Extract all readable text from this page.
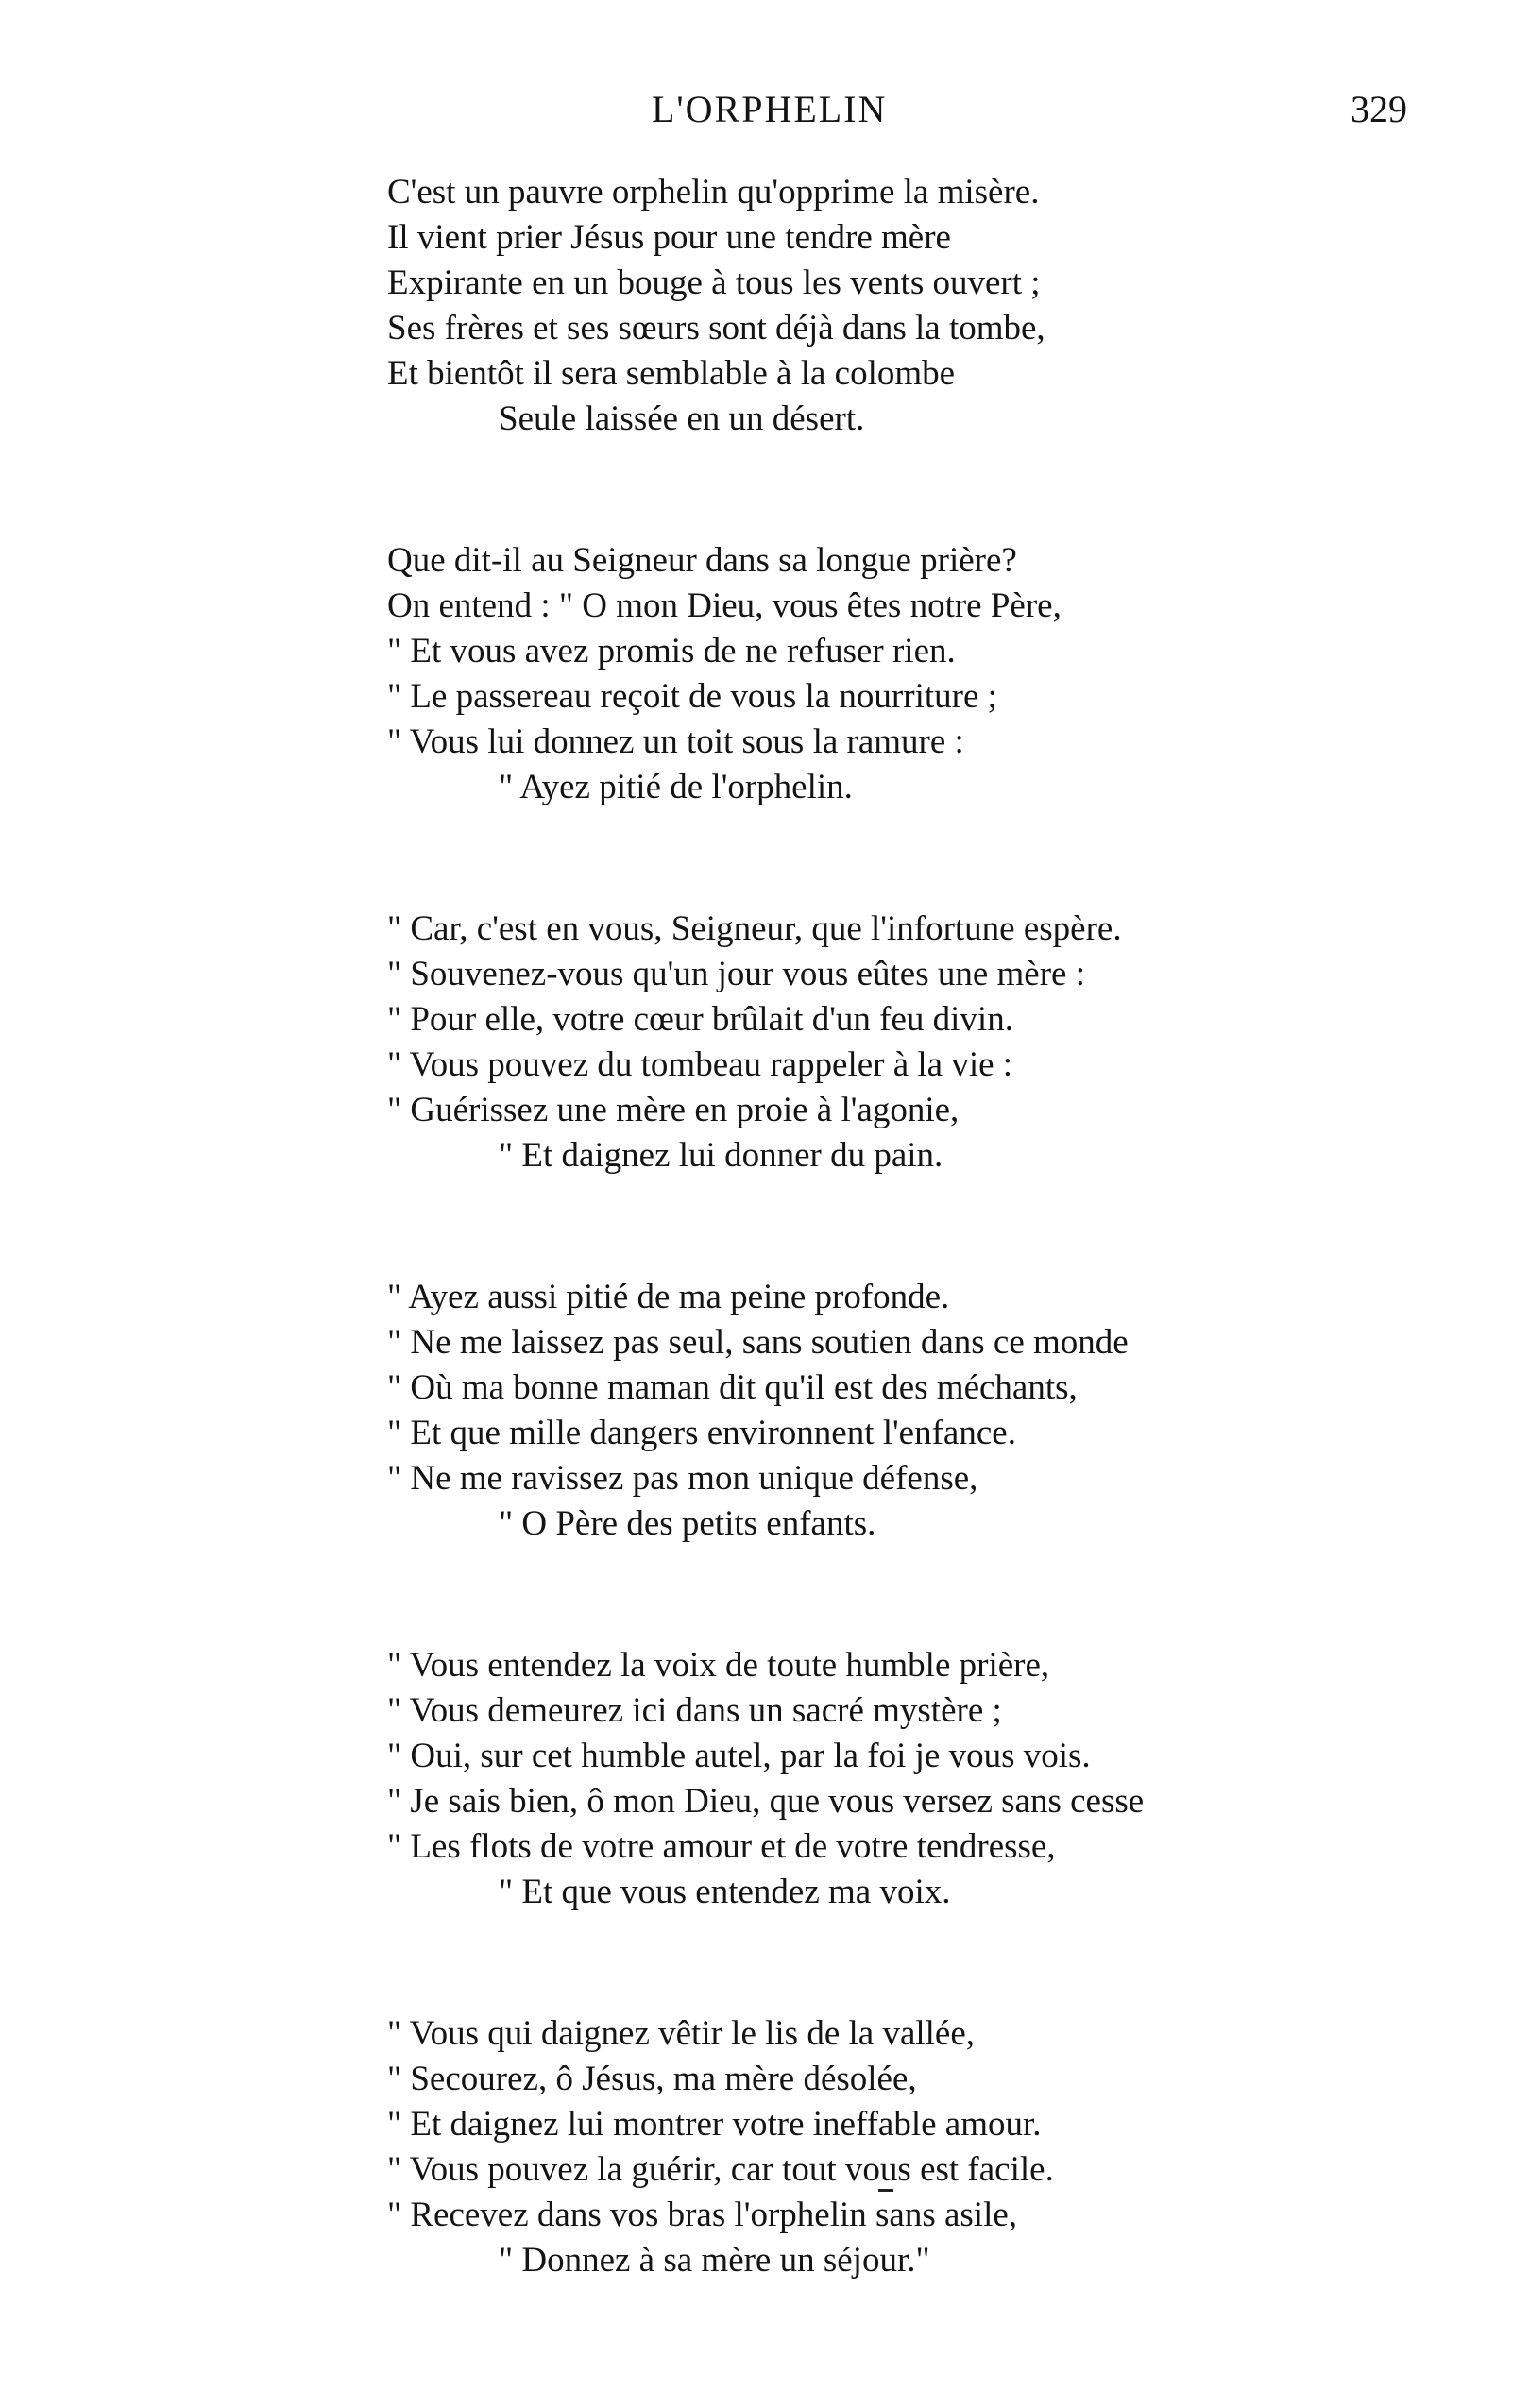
L'ORPHELIN	329
C'est un pauvre orphelin qu'opprime la misère.
Il vient prier Jésus pour une tendre mère
Expirante en un bouge à tous les vents ouvert ;
Ses frères et ses sœurs sont déjà dans la tombe,
Et bientôt il sera semblable à la colombe
Seule laissée en un désert.
Que dit-il au Seigneur dans sa longue prière?
On entend : " O mon Dieu, vous êtes notre Père,
" Et vous avez promis de ne refuser rien.
" Le passereau reçoit de vous la nourriture ;
" Vous lui donnez un toit sous la ramure :
" Ayez pitié de l'orphelin.
" Car, c'est en vous, Seigneur, que l'infortune espère.
" Souvenez-vous qu'un jour vous eûtes une mère :
" Pour elle, votre cœur brûlait d'un feu divin.
" Vous pouvez du tombeau rappeler à la vie :
" Guérissez une mère en proie à l'agonie,
" Et daignez lui donner du pain.
" Ayez aussi pitié de ma peine profonde.
" Ne me laissez pas seul, sans soutien dans ce monde
" Où ma bonne maman dit qu'il est des méchants,
" Et que mille dangers environnent l'enfance.
" Ne me ravissez pas mon unique défense,
" O Père des petits enfants.
" Vous entendez la voix de toute humble prière,
" Vous demeurez ici dans un sacré mystère ;
" Oui, sur cet humble autel, par la foi je vous vois.
" Je sais bien, ô mon Dieu, que vous versez sans cesse
" Les flots de votre amour et de votre tendresse,
" Et que vous entendez ma voix.
" Vous qui daignez vêtir le lis de la vallée,
" Secourez, ô Jésus, ma mère désolée,
" Et daignez lui montrer votre ineffable amour.
" Vous pouvez la guérir, car tout vous est facile.
" Recevez dans vos bras l'orphelin sans asile,
" Donnez à sa mère un séjour."
